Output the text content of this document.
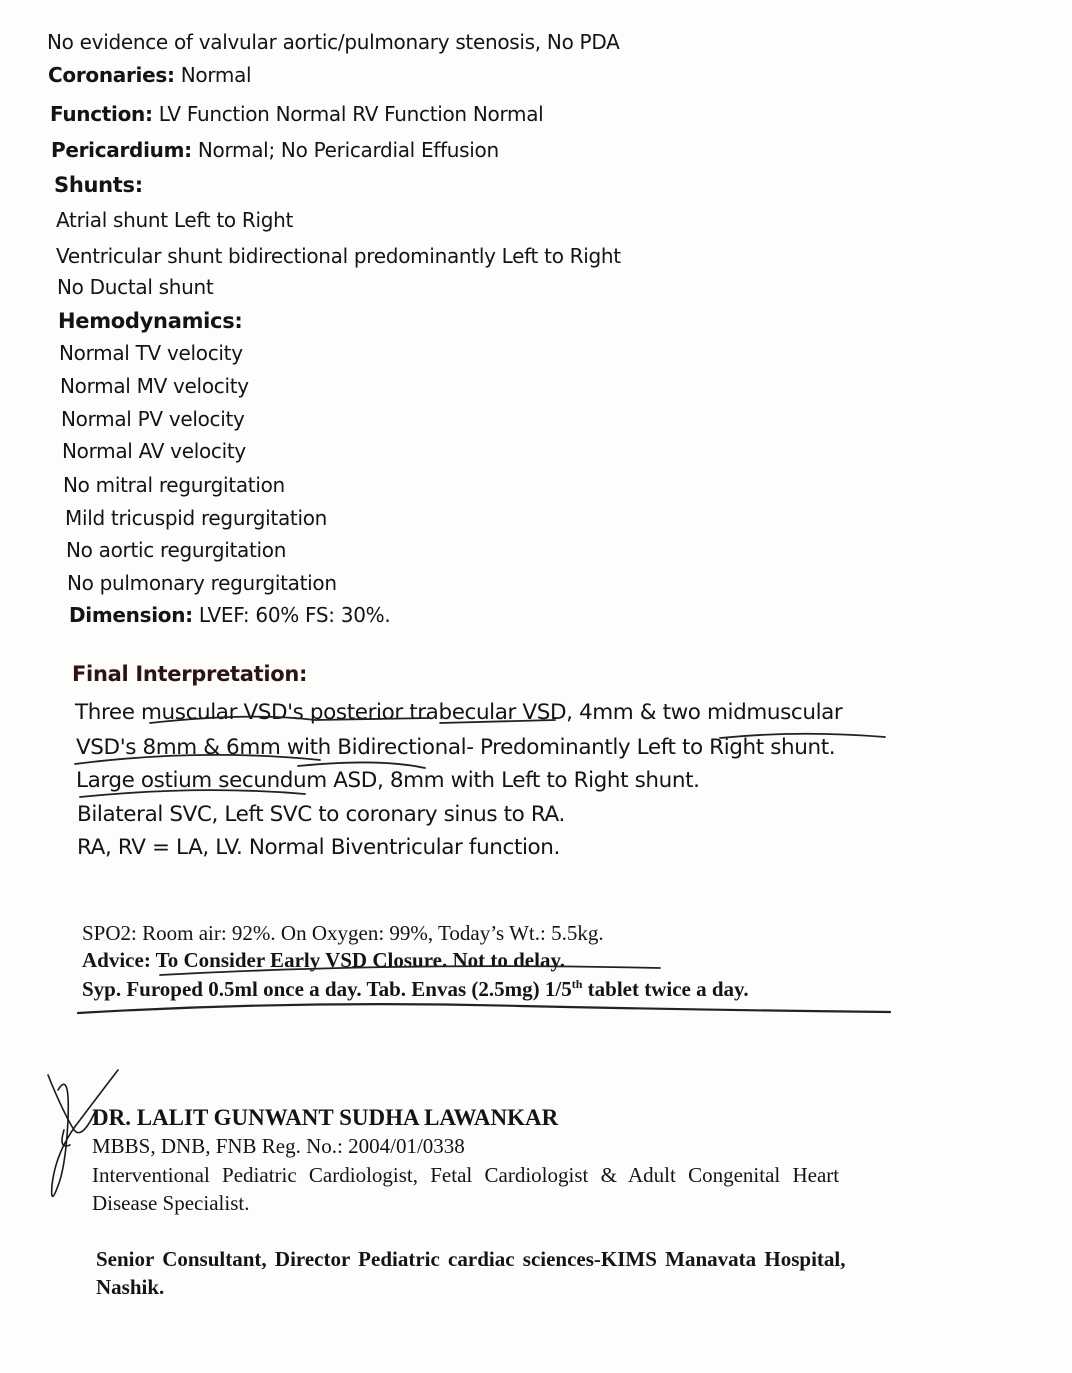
No evidence of valvular aortic/pulmonary stenosis, No PDA
Coronaries: Normal
Function: LV Function Normal RV Function Normal
Pericardium: Normal; No Pericardial Effusion
Shunts:
Atrial shunt Left to Right
Ventricular shunt bidirectional predominantly Left to Right
No Ductal shunt
Hemodynamics:
Normal TV velocity
Normal MV velocity
Normal PV velocity
Normal AV velocity
No mitral regurgitation
Mild tricuspid regurgitation
No aortic regurgitation
No pulmonary regurgitation
Dimension: LVEF: 60% FS: 30%.
Final Interpretation:
Three muscular VSD's posterior trabecular VSD, 4mm & two midmuscular
VSD's 8mm & 6mm with Bidirectional- Predominantly Left to Right shunt.
Large ostium secundum ASD, 8mm with Left to Right shunt.
Bilateral SVC, Left SVC to coronary sinus to RA.
RA, RV = LA, LV. Normal Biventricular function.
SPO2: Room air: 92%. On Oxygen: 99%, Today’s Wt.: 5.5kg.
Advice: To Consider Early VSD Closure. Not to delay.
Syp. Furoped 0.5ml once a day. Tab. Envas (2.5mg) 1/5th tablet twice a day.
DR. LALIT GUNWANT SUDHA LAWANKAR
MBBS, DNB, FNB Reg. No.: 2004/01/0338
Interventional Pediatric Cardiologist, Fetal Cardiologist & Adult Congenital Heart
Disease Specialist.
Senior Consultant, Director Pediatric cardiac sciences-KIMS Manavata Hospital,
Nashik.
